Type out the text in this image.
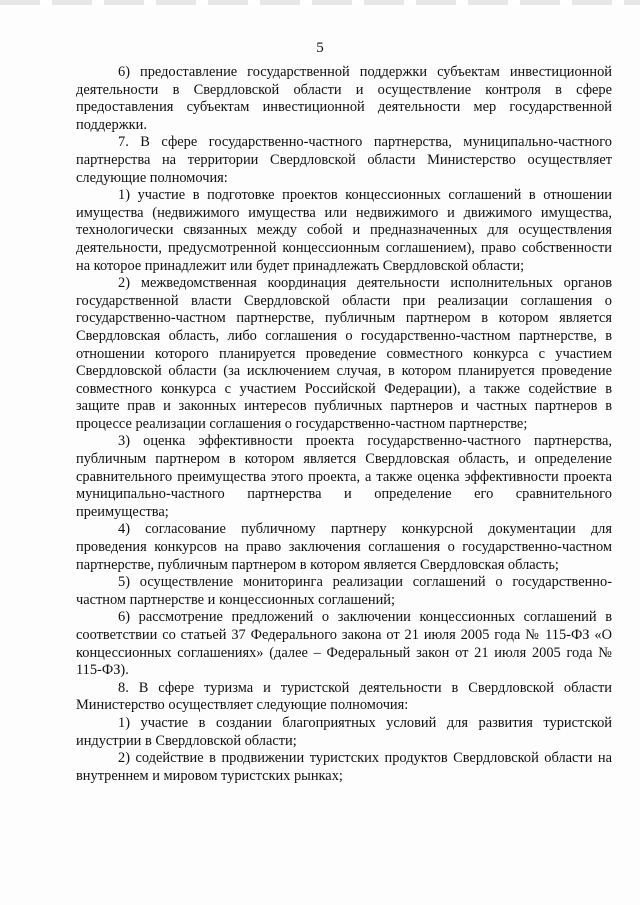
5

6) предоставление государственной поддержки субъектам инвестиционной деятельности в Свердловской области и осуществление контроля в сфере предоставления субъектам инвестиционной деятельности мер государственной поддержки.

7. В сфере государственно-частного партнерства, муниципально-частного партнерства на территории Свердловской области Министерство осуществляет следующие полномочия:

1) участие в подготовке проектов концессионных соглашений в отношении имущества (недвижимого имущества или недвижимого и движимого имущества, технологически связанных между собой и предназначенных для осуществления деятельности, предусмотренной концессионным соглашением), право собственности на которое принадлежит или будет принадлежать Свердловской области;

2) межведомственная координация деятельности исполнительных органов государственной власти Свердловской области при реализации соглашения о государственно-частном партнерстве, публичным партнером в котором является Свердловская область, либо соглашения о государственно-частном партнерстве, в отношении которого планируется проведение совместного конкурса с участием Свердловской области (за исключением случая, в котором планируется проведение совместного конкурса с участием Российской Федерации), а также содействие в защите прав и законных интересов публичных партнеров и частных партнеров в процессе реализации соглашения о государственно-частном партнерстве;

3) оценка эффективности проекта государственно-частного партнерства, публичным партнером в котором является Свердловская область, и определение сравнительного преимущества этого проекта, а также оценка эффективности проекта муниципально-частного партнерства и определение его сравнительного преимущества;

4) согласование публичному партнеру конкурсной документации для проведения конкурсов на право заключения соглашения о государственно-частном партнерстве, публичным партнером в котором является Свердловская область;

5) осуществление мониторинга реализации соглашений о государственно-частном партнерстве и концессионных соглашений;

6) рассмотрение предложений о заключении концессионных соглашений в соответствии со статьей 37 Федерального закона от 21 июля 2005 года № 115-ФЗ «О концессионных соглашениях» (далее – Федеральный закон от 21 июля 2005 года № 115-ФЗ).

8. В сфере туризма и туристской деятельности в Свердловской области Министерство осуществляет следующие полномочия:

1) участие в создании благоприятных условий для развития туристской индустрии в Свердловской области;

2) содействие в продвижении туристских продуктов Свердловской области на внутреннем и мировом туристских рынках;
